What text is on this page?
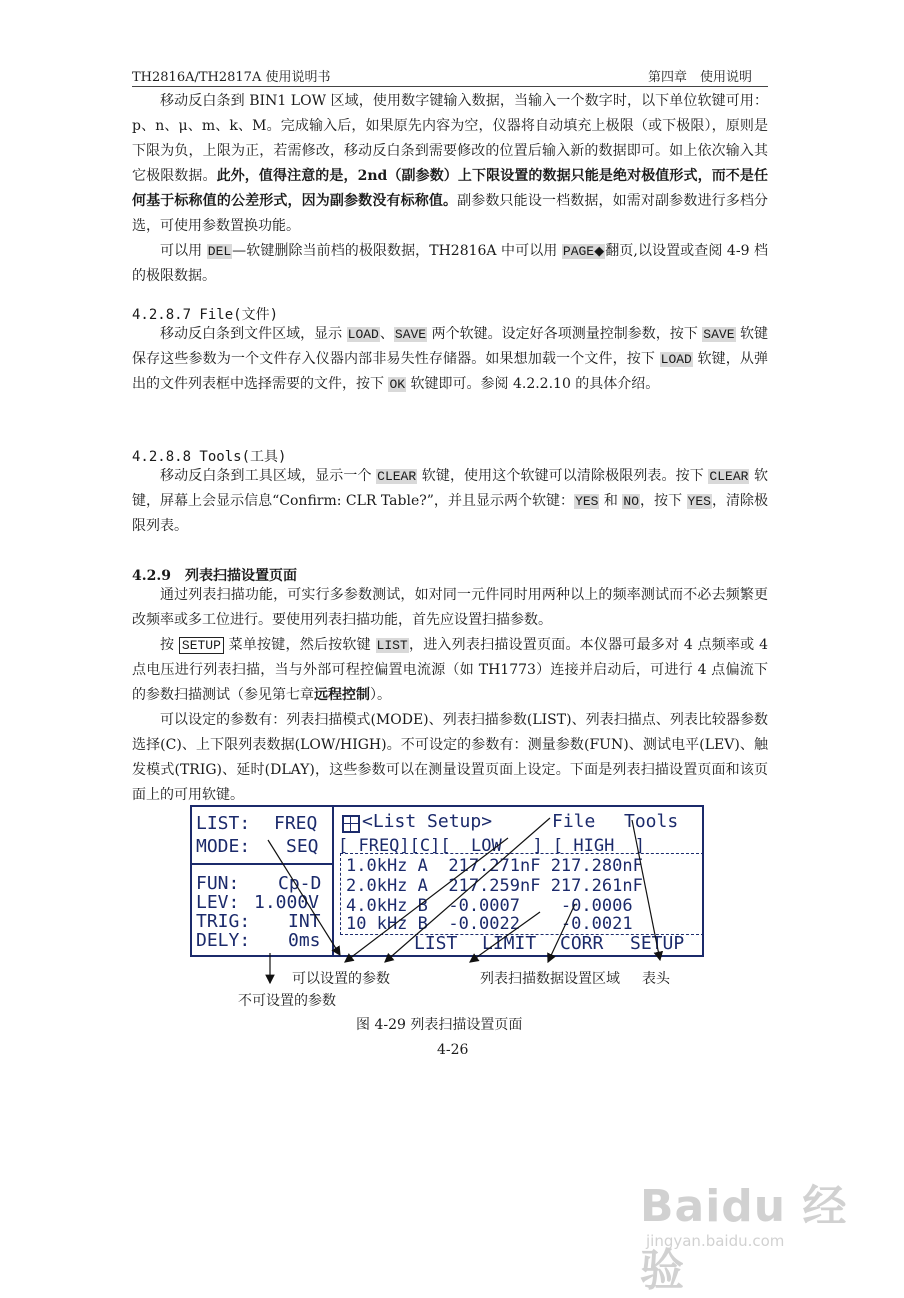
TH2816A/TH2817A 使用说明书	第四章　使用说明

移动反白条到 BIN1 LOW 区域，使用数字键输入数据，当输入一个数字时，以下单位软键可用：p、n、μ、m、k、M。完成输入后，如果原先内容为空，仪器将自动填充上极限（或下极限），原则是下限为负，上限为正，若需修改，移动反白条到需要修改的位置后输入新的数据即可。如上依次输入其它极限数据。此外，值得注意的是，2nd（副参数）上下限设置的数据只能是绝对极值形式，而不是任何基于标称值的公差形式，因为副参数没有标称值。副参数只能设一档数据，如需对副参数进行多档分选，可使用参数置换功能。

可以用 DEL—软键删除当前档的极限数据，TH2816A 中可以用 PAGE◆翻页,以设置或查阅 4-9 档的极限数据。

4.2.8.7 File(文件)

移动反白条到文件区域，显示 LOAD、SAVE 两个软键。设定好各项测量控制参数，按下 SAVE 软键保存这些参数为一个文件存入仪器内部非易失性存储器。如果想加载一个文件，按下 LOAD 软键，从弹出的文件列表框中选择需要的文件，按下 OK 软键即可。参阅 4.2.2.10 的具体介绍。

4.2.8.8 Tools(工具)

移动反白条到工具区域，显示一个 CLEAR 软键，使用这个软键可以清除极限列表。按下 CLEAR 软键，屏幕上会显示信息“Confirm: CLR Table?”，并且显示两个软键：YES 和 NO，按下 YES，清除极限列表。

4.2.9　列表扫描设置页面

通过列表扫描功能，可实行多参数测试，如对同一元件同时用两种以上的频率测试而不必去频繁更改频率或多工位进行。要使用列表扫描功能，首先应设置扫描参数。

按 SETUP 菜单按键，然后按软键 LIST，进入列表扫描设置页面。本仪器可最多对 4 点频率或 4 点电压进行列表扫描，当与外部可程控偏置电流源（如 TH1773）连接并启动后，可进行 4 点偏流下的参数扫描测试（参见第七章远程控制）。

可以设定的参数有：列表扫描模式(MODE)、列表扫描参数(LIST)、列表扫描点、列表比较器参数选择(C)、上下限列表数据(LOW/HIGH)。不可设定的参数有：测量参数(FUN)、测试电平(LEV)、触发模式(TRIG)、延时(DLAY)，这些参数可以在测量设置页面上设定。下面是列表扫描设置页面和该页面上的可用软键。

LIST: FREQ
MODE: SEQ
FUN: Cp-D
LEV: 1.000V
TRIG: INT
DELY: 0ms
<List Setup>	File Tools
[ FREQ][C][  LOW   ] [ HIGH  ]
1.0kHz A  217.271nF 217.280nF
2.0kHz A  217.259nF 217.261nF
4.0kHz B  -0.0007    -0.0006
10 kHz B  -0.0022    -0.0021
LIST LIMIT CORR SETUP
可以设置的参数	列表扫描数据设置区域 表头
不可设置的参数
图 4-29 列表扫描设置页面
4-26
Baidu 经验
jingyan.baidu.com
